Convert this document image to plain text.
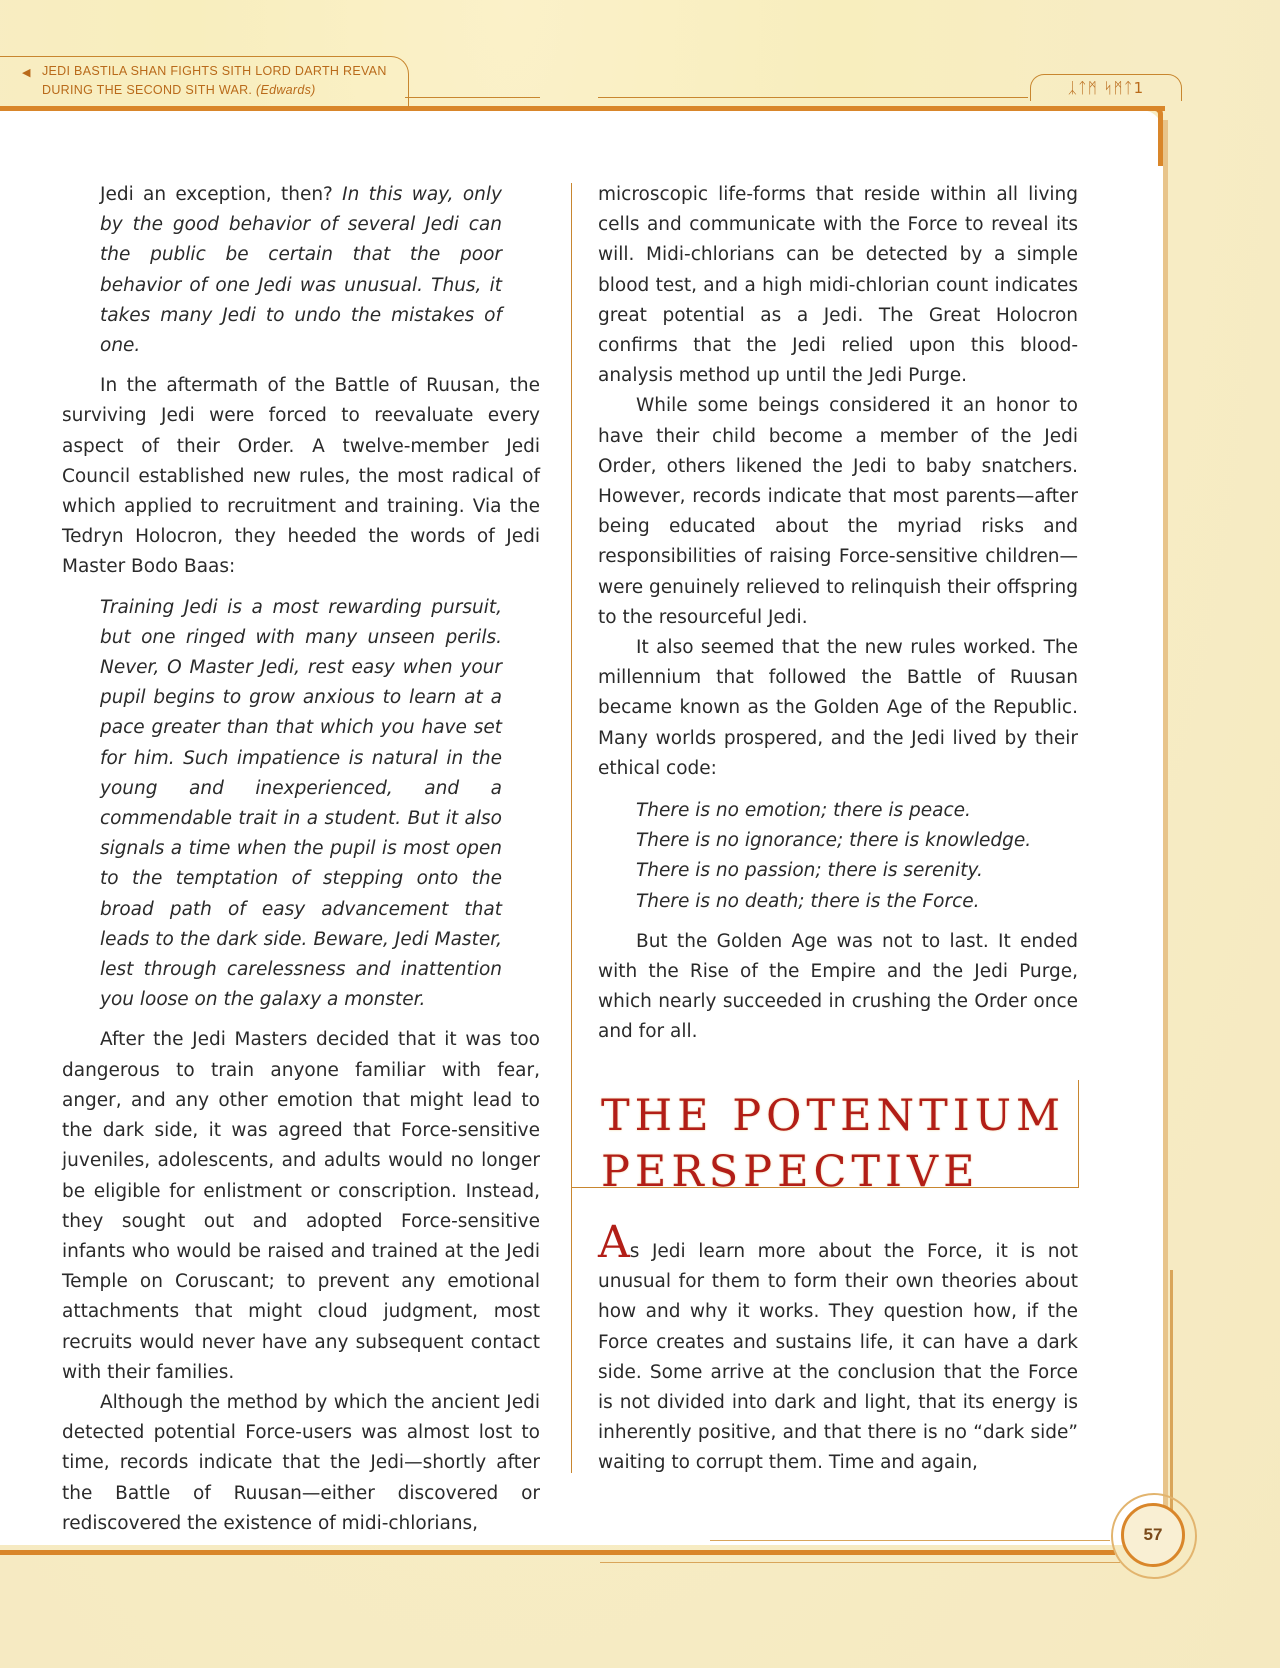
◀ JEDI BASTILA SHAN FIGHTS SITH LORD DARTH REVAN DURING THE SECOND SITH WAR. (Edwards)	ᛣᛏᛗ ᛋᛗᛏ1

Jedi an exception, then? In this way, only by the good behavior of several Jedi can the public be certain that the poor behavior of one Jedi was unusual. Thus, it takes many Jedi to undo the mistakes of one.

In the aftermath of the Battle of Ruusan, the surviving Jedi were forced to reevaluate every aspect of their Order. A twelve-member Jedi Council established new rules, the most radical of which applied to recruitment and training. Via the Tedryn Holocron, they heeded the words of Jedi Master Bodo Baas:

Training Jedi is a most rewarding pursuit, but one ringed with many unseen perils. Never, O Master Jedi, rest easy when your pupil begins to grow anxious to learn at a pace greater than that which you have set for him. Such impatience is natural in the young and inexperienced, and a commendable trait in a student. But it also signals a time when the pupil is most open to the temptation of stepping onto the broad path of easy advancement that leads to the dark side. Beware, Jedi Master, lest through carelessness and inattention you loose on the galaxy a monster.

After the Jedi Masters decided that it was too dangerous to train anyone familiar with fear, anger, and any other emotion that might lead to the dark side, it was agreed that Force-sensitive juveniles, adolescents, and adults would no longer be eligible for enlistment or conscription. Instead, they sought out and adopted Force-sensitive infants who would be raised and trained at the Jedi Temple on Coruscant; to prevent any emotional attachments that might cloud judgment, most recruits would never have any subsequent contact with their families.

Although the method by which the ancient Jedi detected potential Force-users was almost lost to time, records indicate that the Jedi—shortly after the Battle of Ruusan—either discovered or rediscovered the existence of midi-chlorians,

microscopic life-forms that reside within all living cells and communicate with the Force to reveal its will. Midi-chlorians can be detected by a simple blood test, and a high midi-chlorian count indicates great potential as a Jedi. The Great Holocron confirms that the Jedi relied upon this blood-analysis method up until the Jedi Purge.

While some beings considered it an honor to have their child become a member of the Jedi Order, others likened the Jedi to baby snatchers. However, records indicate that most parents—after being educated about the myriad risks and responsibilities of raising Force-sensitive children—were genuinely relieved to relinquish their offspring to the resourceful Jedi.

It also seemed that the new rules worked. The millennium that followed the Battle of Ruusan became known as the Golden Age of the Republic. Many worlds prospered, and the Jedi lived by their ethical code:

There is no emotion; there is peace.

There is no ignorance; there is knowledge.

There is no passion; there is serenity.

There is no death; there is the Force.

But the Golden Age was not to last. It ended with the Rise of the Empire and the Jedi Purge, which nearly succeeded in crushing the Order once and for all.

THE POTENTIUM
PERSPECTIVE

As Jedi learn more about the Force, it is not unusual for them to form their own theories about how and why it works. They question how, if the Force creates and sustains life, it can have a dark side. Some arrive at the conclusion that the Force is not divided into dark and light, that its energy is inherently positive, and that there is no “dark side” waiting to corrupt them. Time and again,

57
